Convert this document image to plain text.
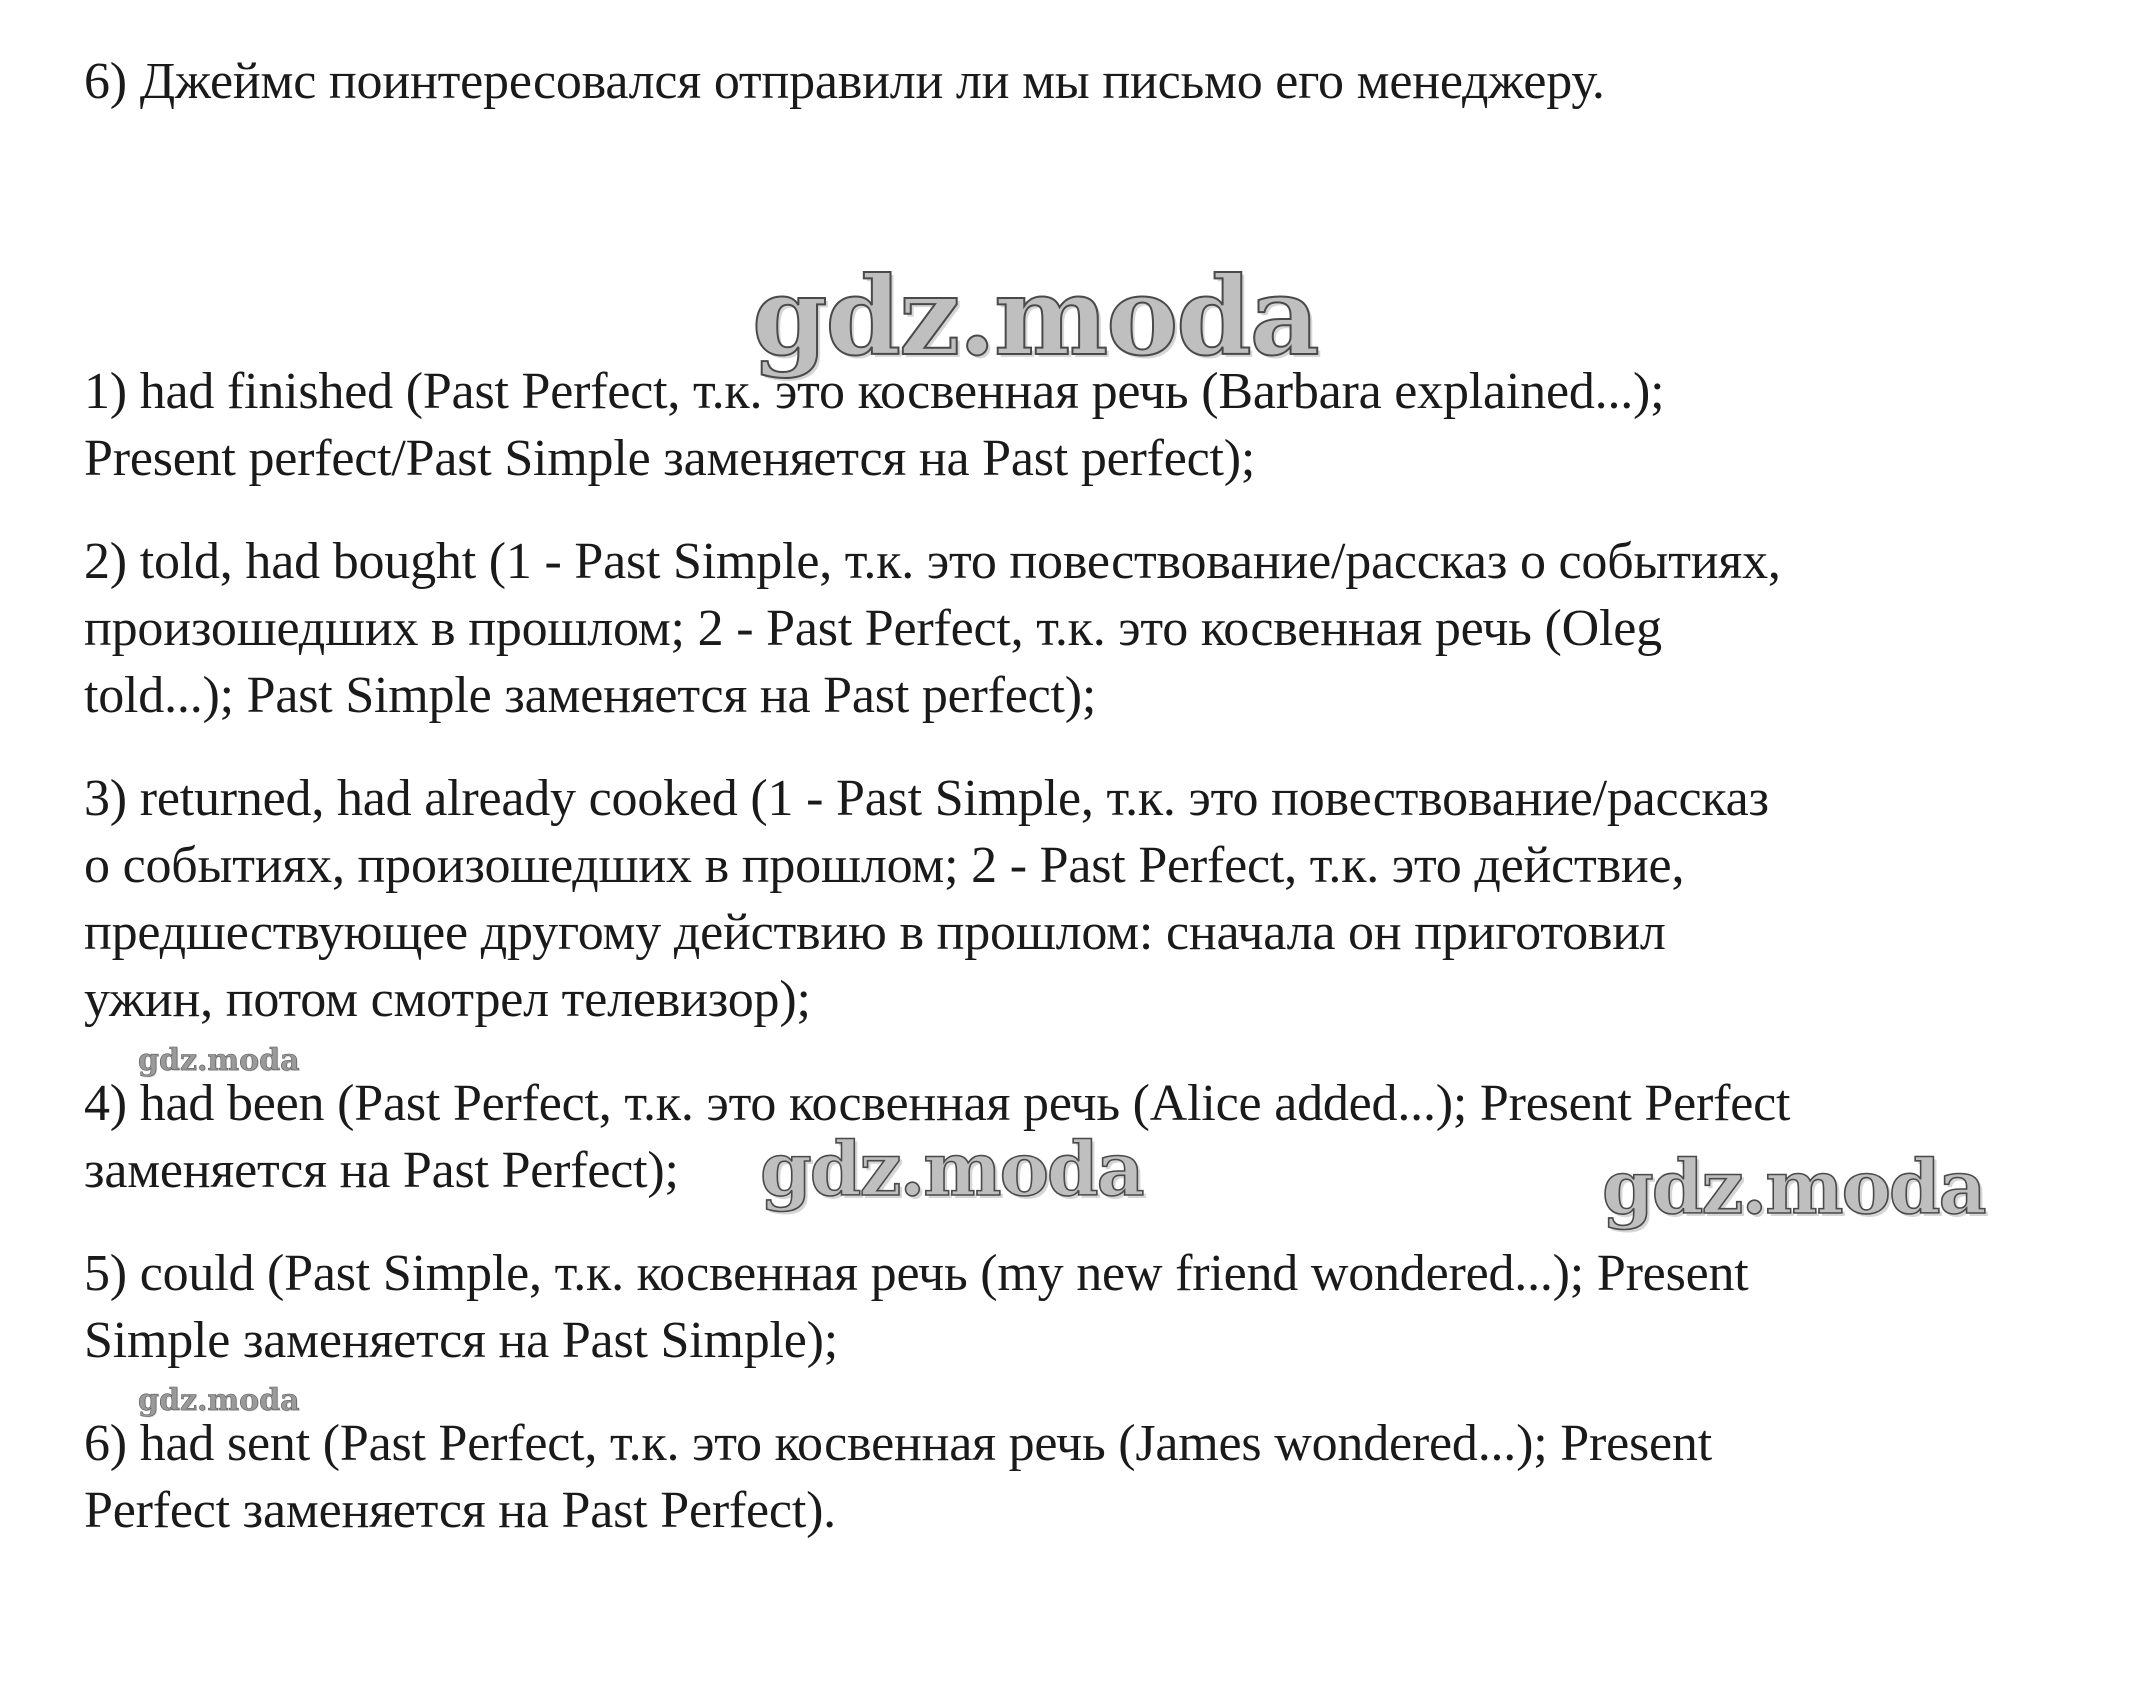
6) Джеймс поинтересовался отправили ли мы письмо его менеджеру.
gdz.moda
1) had finished (Past Perfect, т.к. это косвенная речь (Barbara explained...);
Present perfect/Past Simple заменяется на Past perfect);
2) told, had bought (1 - Past Simple, т.к. это повествование/рассказ о событиях,
произошедших в прошлом; 2 - Past Perfect, т.к. это косвенная речь (Oleg
told...); Past Simple заменяется на Past perfect);
3) returned, had already cooked (1 - Past Simple, т.к. это повествование/рассказ
о событиях, произошедших в прошлом; 2 - Past Perfect, т.к. это действие,
предшествующее другому действию в прошлом: сначала он приготовил
ужин, потом смотрел телевизор);
gdz.moda
4) had been (Past Perfect, т.к. это косвенная речь (Alice added...); Present Perfect
заменяется на Past Perfect); gdz.moda	gdz.moda
5) could (Past Simple, т.к. косвенная речь (my new friend wondered...); Present
Simple заменяется на Past Simple);
gdz.moda
6) had sent (Past Perfect, т.к. это косвенная речь (James wondered...); Present
Perfect заменяется на Past Perfect).
